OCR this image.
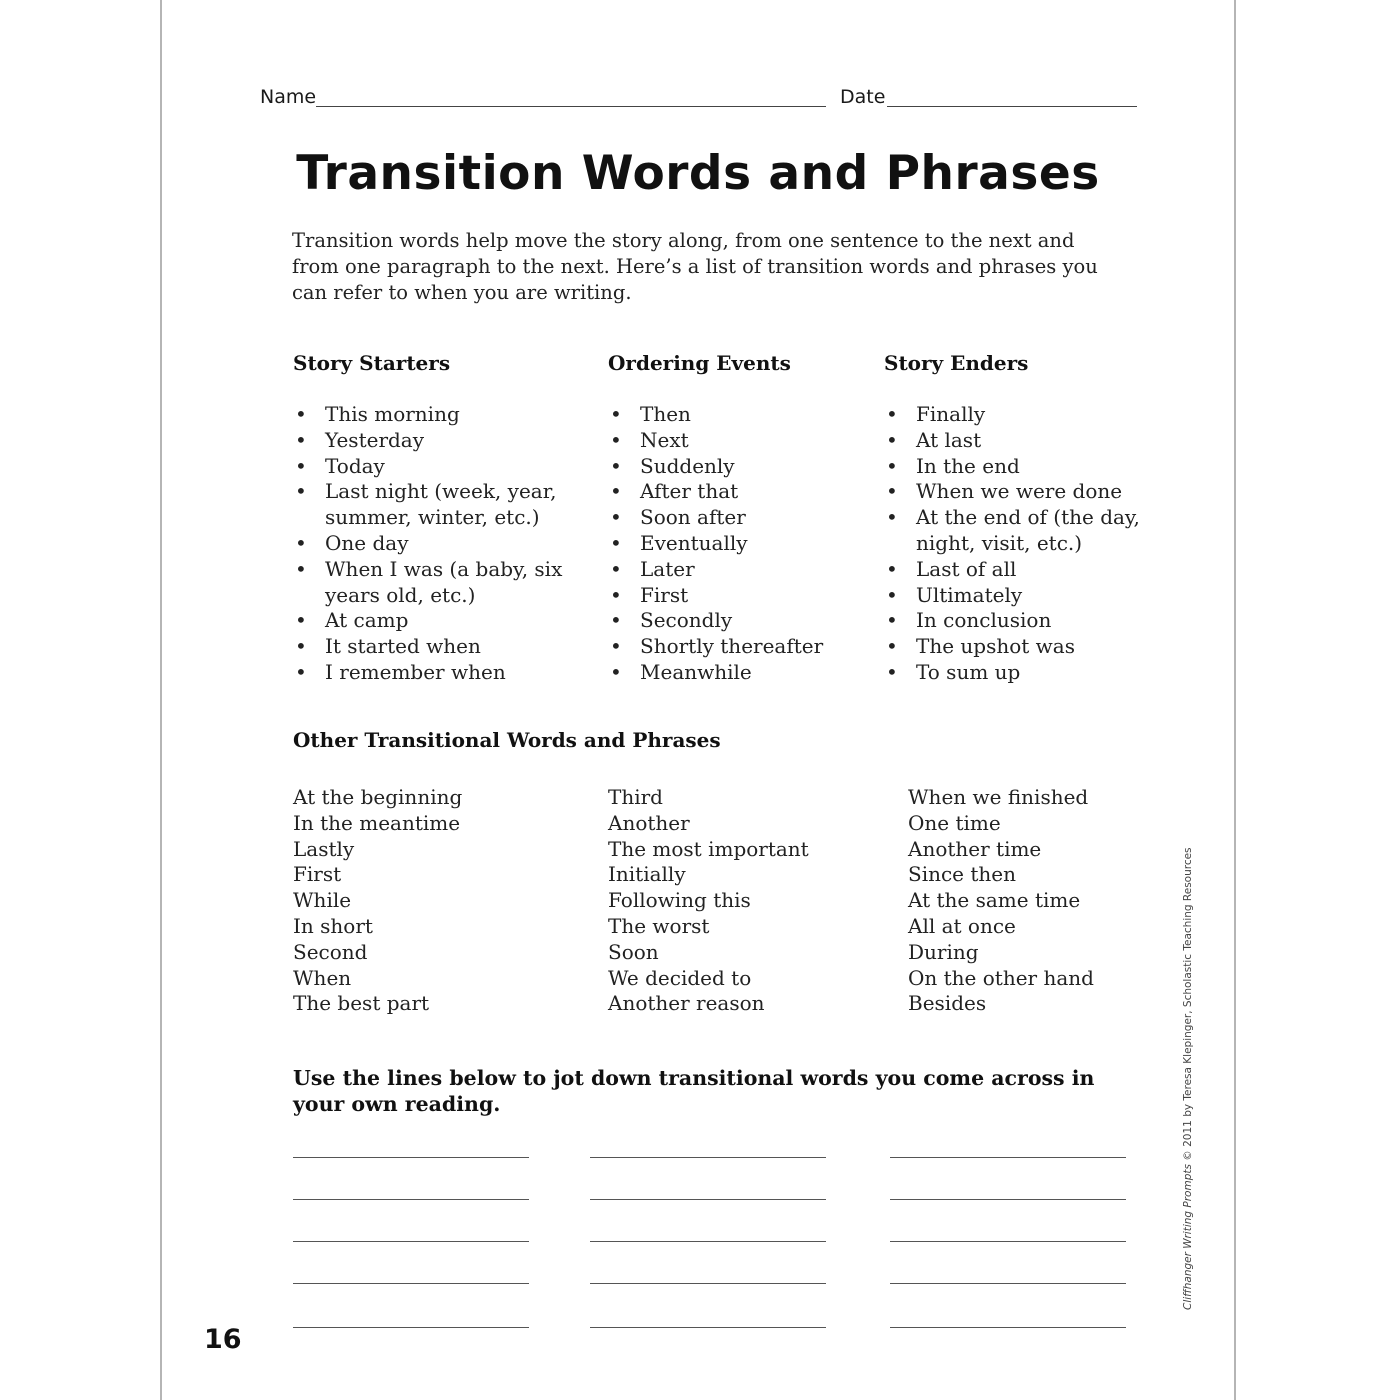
Name	Date
Transition Words and Phrases
Transition words help move the story along, from one sentence to the next and from one paragraph to the next. Here’s a list of transition words and phrases you can refer to when you are writing.
Story Starters
• This morning
• Yesterday
• Today
• Last night (week, year,
summer, winter, etc.)
• One day
• When I was (a baby, six
years old, etc.)
• At camp
• It started when
• I remember when
Ordering Events
• Then
• Next
• Suddenly
• After that
• Soon after
• Eventually
• Later
• First
• Secondly
• Shortly thereafter
• Meanwhile
Story Enders
• Finally
• At last
• In the end
• When we were done
• At the end of (the day,
night, visit, etc.)
• Last of all
• Ultimately
• In conclusion
• The upshot was
• To sum up
Other Transitional Words and Phrases
At the beginning
In the meantime
Lastly
First
While
In short
Second
When
The best part
Third
Another
The most important
Initially
Following this
The worst
Soon
We decided to
Another reason
When we finished
One time
Another time
Since then
At the same time
All at once
During
On the other hand
Besides
Use the lines below to jot down transitional words you come across in your own reading.
16
Cliffhanger Writing Prompts © 2011 by Teresa Klepinger, Scholastic Teaching Resources
